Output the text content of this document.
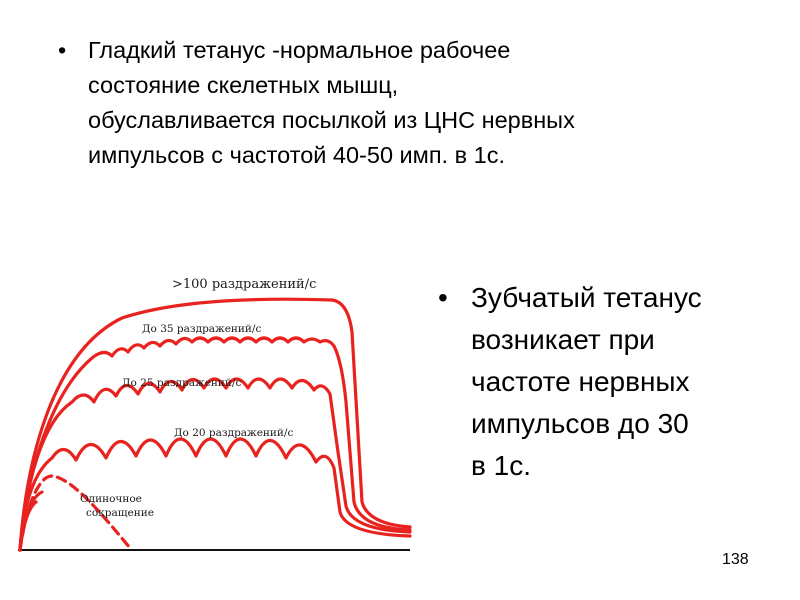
• Гладкий тетанус -нормальное рабочее
состояние скелетных мышц,
обуславливается посылкой из ЦНС нервных
импульсов с частотой 40-50 имп. в 1с.
• Зубчатый тетанус
возникает при
частоте нервных
импульсов до 30
в 1с.
>100 раздражений/с
До 35 раздражений/с
До 25 раздражений/с
До 20 раздражений/с
Одиночное
сокращение
138
